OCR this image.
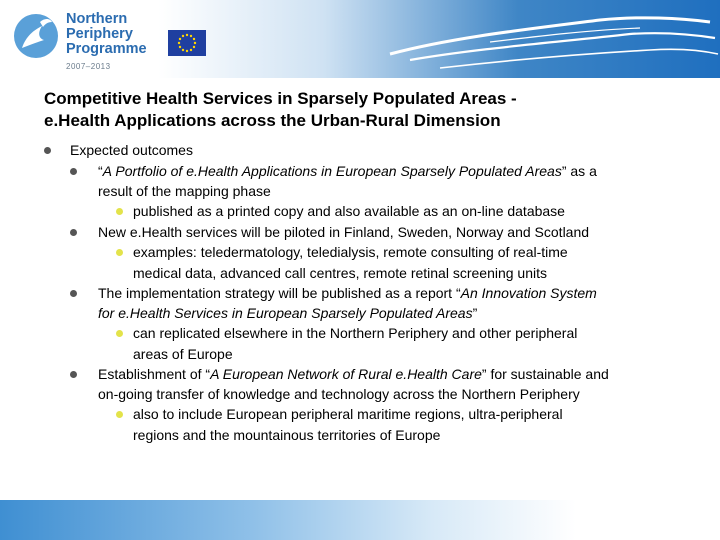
Northern
Periphery
Programme
2007–2013
Competitive Health Services in Sparsely Populated Areas -
e.Health Applications across the Urban-Rural Dimension
Expected outcomes
“A Portfolio of e.Health Applications in European Sparsely Populated Areas” as a
result of the mapping phase
published as a printed copy and also available as an on-line database
New e.Health services will be piloted in Finland, Sweden, Norway and Scotland
examples: teledermatology, teledialysis, remote consulting of real-time
medical data, advanced call centres, remote retinal screening units
The implementation strategy will be published as a report “An Innovation System
for e.Health Services in European Sparsely Populated Areas”
can replicated elsewhere in the Northern Periphery and other peripheral
areas of Europe
Establishment of “A European Network of Rural e.Health Care” for sustainable and
on-going transfer of knowledge and technology across the Northern Periphery
also to include European peripheral maritime regions, ultra-peripheral
regions and the mountainous territories of Europe
